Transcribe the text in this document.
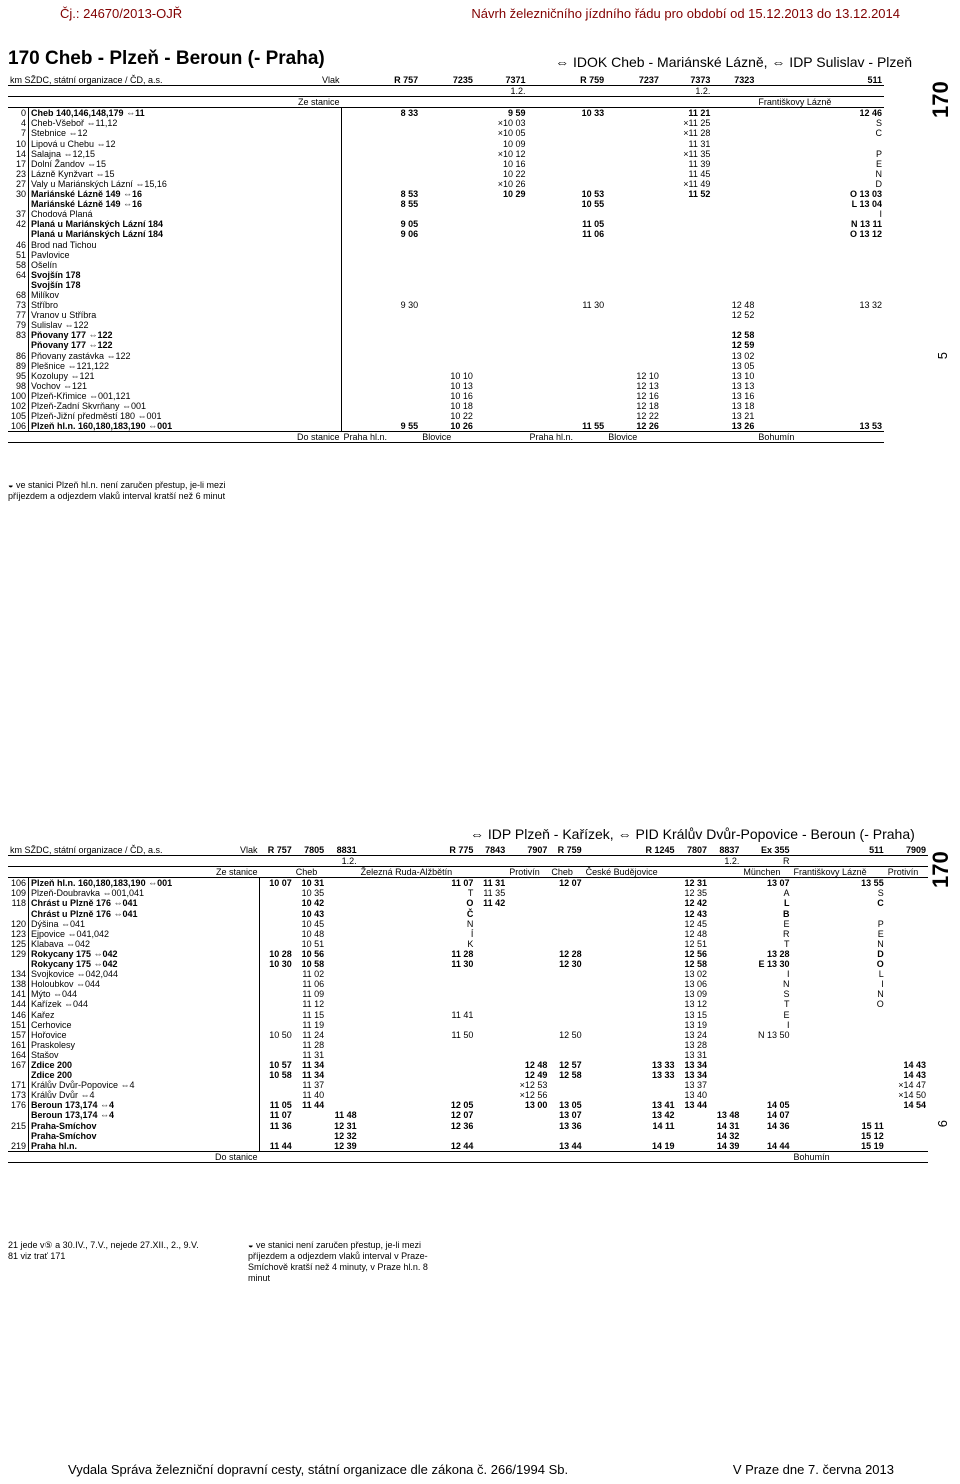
Čj.: 24670/2013-OJŘ	Návrh železničního jízdního řádu pro období od 15.12.2013 do 13.12.2014
170 Cheb - Plzeň - Beroun (- Praha)	⇔ IDOK Cheb - Mariánské Lázně, ⇔ IDP Sulislav - Plzeň
170
5
km SŽDC, státní organizace / ČD, a.s.		Vlak	R 757	7235	7371	R 759	7237	7373	7323	511
					1.2.			1.2.		
Ze stanice										Františkovy Lázně
0	Cheb 140,146,148,179 ⇔11		8 33		9 59	10 33		11 21		12 46
4	Cheb-Všeboř ⇔11,12				×10 03			×11 25		S
7	Stebnice ⇔12				×10 05			×11 28		C
10	Lipová u Chebu ⇔12				10 09			11 31		
14	Salajna ⇔12,15				×10 12			×11 35		P
17	Dolní Žandov ⇔15				10 16			11 39		E
23	Lázně Kynžvart ⇔15				10 22			11 45		N
27	Valy u Mariánských Lázní ⇔15,16				×10 26			×11 49		D
30	Mariánské Lázně 149 ⇔16		8 53		10 29	10 53		11 52		O 13 03
	Mariánské Lázně 149 ⇔16		8 55			10 55				L 13 04
37	Chodová Planá									I
42	Planá u Mariánských Lázní 184		9 05			11 05				N 13 11
	Planá u Mariánských Lázní 184		9 06			11 06				O 13 12
46	Brod nad Tichou									
51	Pavlovice									
58	Ošelín									
64	Svojšín 178									
	Svojšín 178									
68	Milíkov									
73	Stříbro		9 30			11 30			12 48	13 32
77	Vranov u Stříbra								12 52	
79	Sulislav ⇔122									
83	Pňovany 177 ⇔122								12 58	
	Pňovany 177 ⇔122								12 59	
86	Pňovany zastávka ⇔122								13 02	
89	Plešnice ⇔121,122								13 05	
95	Kozolupy ⇔121			10 10			12 10		13 10	
98	Vochov ⇔121			10 13			12 13		13 13	
100	Plzeň-Křimice ⇔001,121			10 16			12 16		13 16	
102	Plzeň-Zadní Skvrňany ⇔001			10 18			12 18		13 18	
105	Plzeň-Jižní předměstí 180 ⇔001			10 22			12 22		13 21	
106	Plzeň hl.n. 160,180,183,190 ⇔001		9 55	10 26		11 55	12 26		13 26	13 53
Do stanice			Praha hl.n.	Blovice		Praha hl.n.	Blovice			Bohumín
◒ ve stanici Plzeň hl.n. není zaručen přestup, je-li mezi příjezdem a odjezdem vlaků interval kratší než 6 minut
⇔ IDP Plzeň - Kařízek, ⇔ PID Králův Dvůr-Popovice - Beroun (- Praha)
170
6
km SŽDC, státní organizace / ČD, a.s.		Vlak	R 757	7805	8831	R 775	7843	7907	R 759	R 1245	7807	8837	Ex 355	511	7909
					1.2.							1.2.	R		
Ze stanice				Cheb		Železná Ruda-Alžbětín		Protivín	Cheb	České Budějovice			München	Františkovy Lázně	Protivín
106	Plzeň hl.n. 160,180,183,190 ⇔001		10 07	10 31		11 07	11 31		12 07		12 31		13 07	13 55	
109	Plzeň-Doubravka ⇔001,041			10 35		T	11 35				12 35		A	S	
118	Chrást u Plzně 176 ⇔041			10 42		O	11 42				12 42		L	C	
	Chrást u Plzně 176 ⇔041			10 43		Č					12 43		B		
120	Dýšina ⇔041			10 45		N					12 45		E	P	
123	Ejpovice ⇔041,042			10 48		Í					12 48		R	E	
125	Klabava ⇔042			10 51		K					12 51		T	N	
129	Rokycany 175 ⇔042		10 28	10 56		11 28			12 28		12 56		13 28	D	
	Rokycany 175 ⇔042		10 30	10 58		11 30			12 30		12 58		E 13 30	O	
134	Svojkovice ⇔042,044			11 02							13 02		I	L	
138	Holoubkov ⇔044			11 06							13 06		N	I	
141	Mýto ⇔044			11 09							13 09		S	N	
144	Kařízek ⇔044			11 12							13 12		T	O	
146	Kařez			11 15		11 41					13 15		E		
151	Cerhovice			11 19							13 19		I		
157	Hořovice		10 50	11 24		11 50			12 50		13 24		N 13 50		
161	Praskolesy			11 28							13 28				
164	Stašov			11 31							13 31				
167	Zdice 200		10 57	11 34				12 48	12 57	13 33	13 34				14 43
	Zdice 200		10 58	11 34				12 49	12 58	13 33	13 34				14 43
171	Králův Dvůr-Popovice ⇔4			11 37				×12 53			13 37				×14 47
173	Králův Dvůr ⇔4			11 40				×12 56			13 40				×14 50
176	Beroun 173,174 ⇔4		11 05	11 44		12 05		13 00	13 05	13 41	13 44		14 05		14 54
	Beroun 173,174 ⇔4		11 07		11 48	12 07			13 07	13 42		13 48	14 07		
215	Praha-Smíchov		11 36		12 31	12 36			13 36	14 11		14 31	14 36	15 11	
	Praha-Smíchov				12 32							14 32		15 12	
219	Praha hl.n.		11 44		12 39	12 44			13 44	14 19		14 39	14 44	15 19	
Do stanice														Bohumín	
21 jede v⑤ a 30.IV., 7.V., nejede 27.XII., 2., 9.V.
81 viz trať 171
◒ ve stanici není zaručen přestup, je-li mezi příjezdem a odjezdem vlaků interval v Praze-Smíchově kratší než 4 minuty, v Praze hl.n. 8 minut
Vydala Správa železniční dopravní cesty, státní organizace dle zákona č. 266/1994 Sb.	V Praze dne 7. června 2013
